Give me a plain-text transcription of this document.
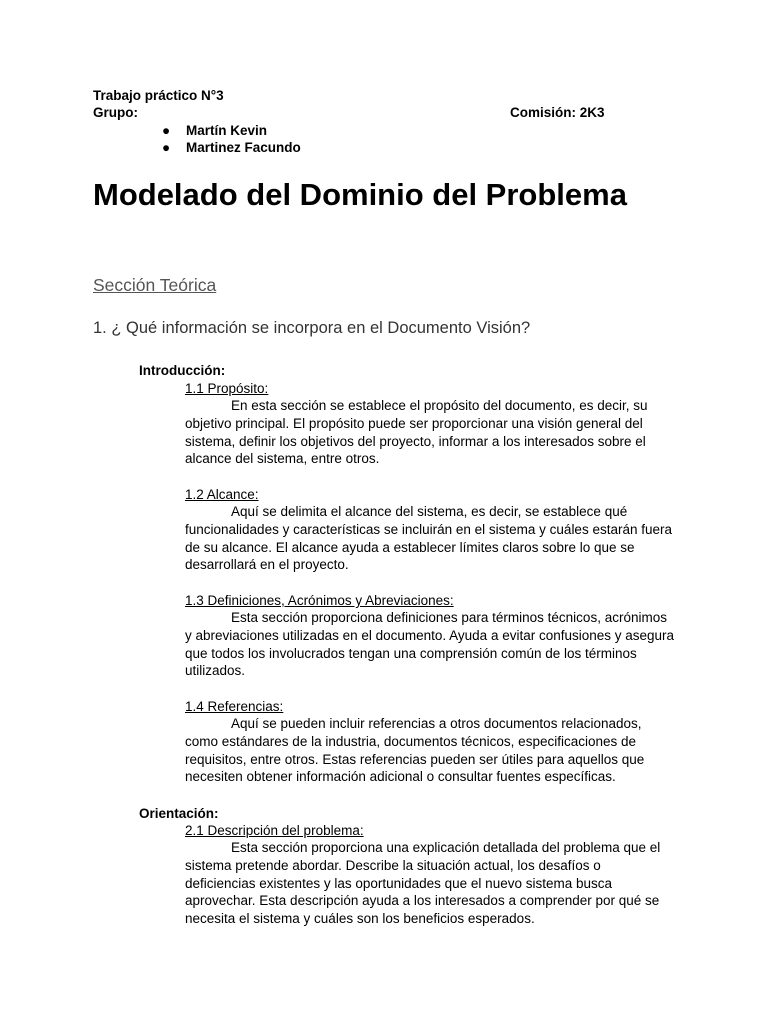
Trabajo práctico N°3
Grupo:	Comisión: 2K3
● Martín Kevin
● Martinez Facundo
Modelado del Dominio del Problema
Sección Teórica
1. ¿ Qué información se incorpora en el Documento Visión?
Introducción:
1.1 Propósito:
En esta sección se establece el propósito del documento, es decir, su objetivo principal. El propósito puede ser proporcionar una visión general del sistema, definir los objetivos del proyecto, informar a los interesados sobre el alcance del sistema, entre otros.
1.2 Alcance:
Aquí se delimita el alcance del sistema, es decir, se establece qué funcionalidades y características se incluirán en el sistema y cuáles estarán fuera de su alcance. El alcance ayuda a establecer límites claros sobre lo que se desarrollará en el proyecto.
1.3 Definiciones, Acrónimos y Abreviaciones:
Esta sección proporciona definiciones para términos técnicos, acrónimos y abreviaciones utilizadas en el documento. Ayuda a evitar confusiones y asegura que todos los involucrados tengan una comprensión común de los términos utilizados.
1.4 Referencias:
Aquí se pueden incluir referencias a otros documentos relacionados, como estándares de la industria, documentos técnicos, especificaciones de requisitos, entre otros. Estas referencias pueden ser útiles para aquellos que necesiten obtener información adicional o consultar fuentes específicas.
Orientación:
2.1 Descripción del problema:
Esta sección proporciona una explicación detallada del problema que el sistema pretende abordar. Describe la situación actual, los desafíos o deficiencias existentes y las oportunidades que el nuevo sistema busca aprovechar. Esta descripción ayuda a los interesados a comprender por qué se necesita el sistema y cuáles son los beneficios esperados.
